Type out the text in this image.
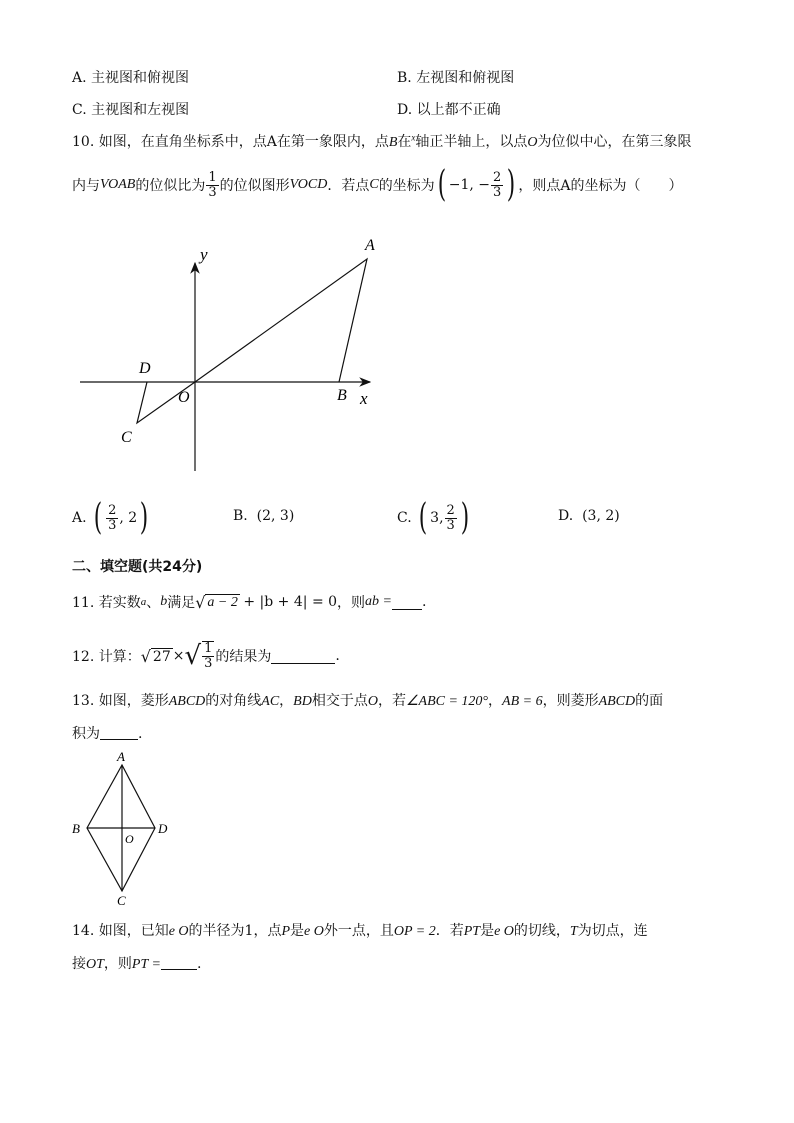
A. 主视图和俯视图	B. 左视图和俯视图
C. 主视图和左视图	D. 以上都不正确
10. 如图，在直角坐标系中，点A在第一象限内，点B在$^x$轴正半轴上，以点O为位似中心，在第三象限
内与 VOAB 的位似比为 $\frac{1}{3}$ 的位似图形 VOCD ．若点 C 的坐标为 ( −1, − $\frac{2}{3}$ ) ，则点A的坐标为（　　）
y
x
A
B
O
D
C
A.
( $\frac{2}{3}$ , 2 )	B. (2, 3)	C.
( 3, $\frac{2}{3}$ )	D. (3, 2)
二、填空题(共24分)
11. 若实数 a 、 b 满足 √ a − 2
+ |b + 4| = 0 ，则 ab = .
12. 计算： √ 27 × √ $\frac{1}{3}$ 的结果为	.
13. 如图，菱形ABCD的对角线AC，BD相交于点O，若∠ABC = 120°，AB = 6，则菱形ABCD的面
积为	.
A
B	D
C
O
14. 如图，已知e O的半径为1，点P是e O外一点，且OP = 2．若PT是e O的切线，T为切点，连
接OT，则PT =	.
